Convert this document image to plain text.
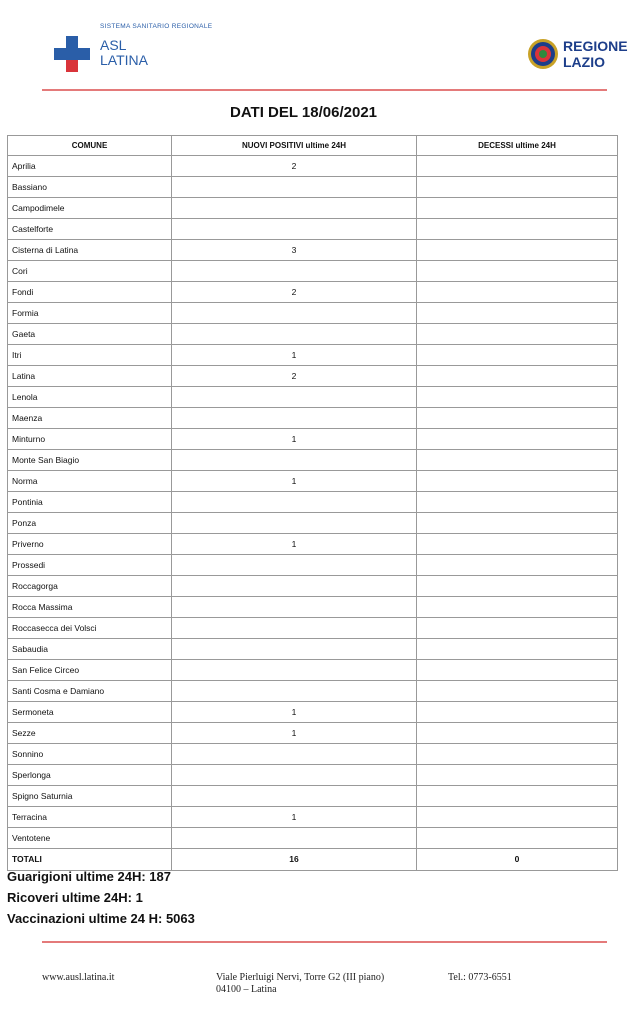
SISTEMA SANITARIO REGIONALE
ASL
LATINA
REGIONE
LAZIO
DATI DEL 18/06/2021
COMUNE	NUOVI POSITIVI ultime 24H	DECESSI ultime 24H
Aprilia	2	
Bassiano		
Campodimele		
Castelforte		
Cisterna di Latina	3	
Cori		
Fondi	2	
Formia		
Gaeta		
Itri	1	
Latina	2	
Lenola		
Maenza		
Minturno	1	
Monte San Biagio		
Norma	1	
Pontinia		
Ponza		
Priverno	1	
Prossedi		
Roccagorga		
Rocca Massima		
Roccasecca dei Volsci		
Sabaudia		
San Felice Circeo		
Santi Cosma e Damiano		
Sermoneta	1	
Sezze	1	
Sonnino		
Sperlonga		
Spigno Saturnia		
Terracina	1	
Ventotene		
TOTALI	16	0
Guarigioni ultime 24H: 187
Ricoveri ultime 24H: 1
Vaccinazioni ultime 24 H: 5063
www.ausl.latina.it	Viale Pierluigi Nervi, Torre G2 (III piano)
04100 – Latina
Tel.: 0773-6551
